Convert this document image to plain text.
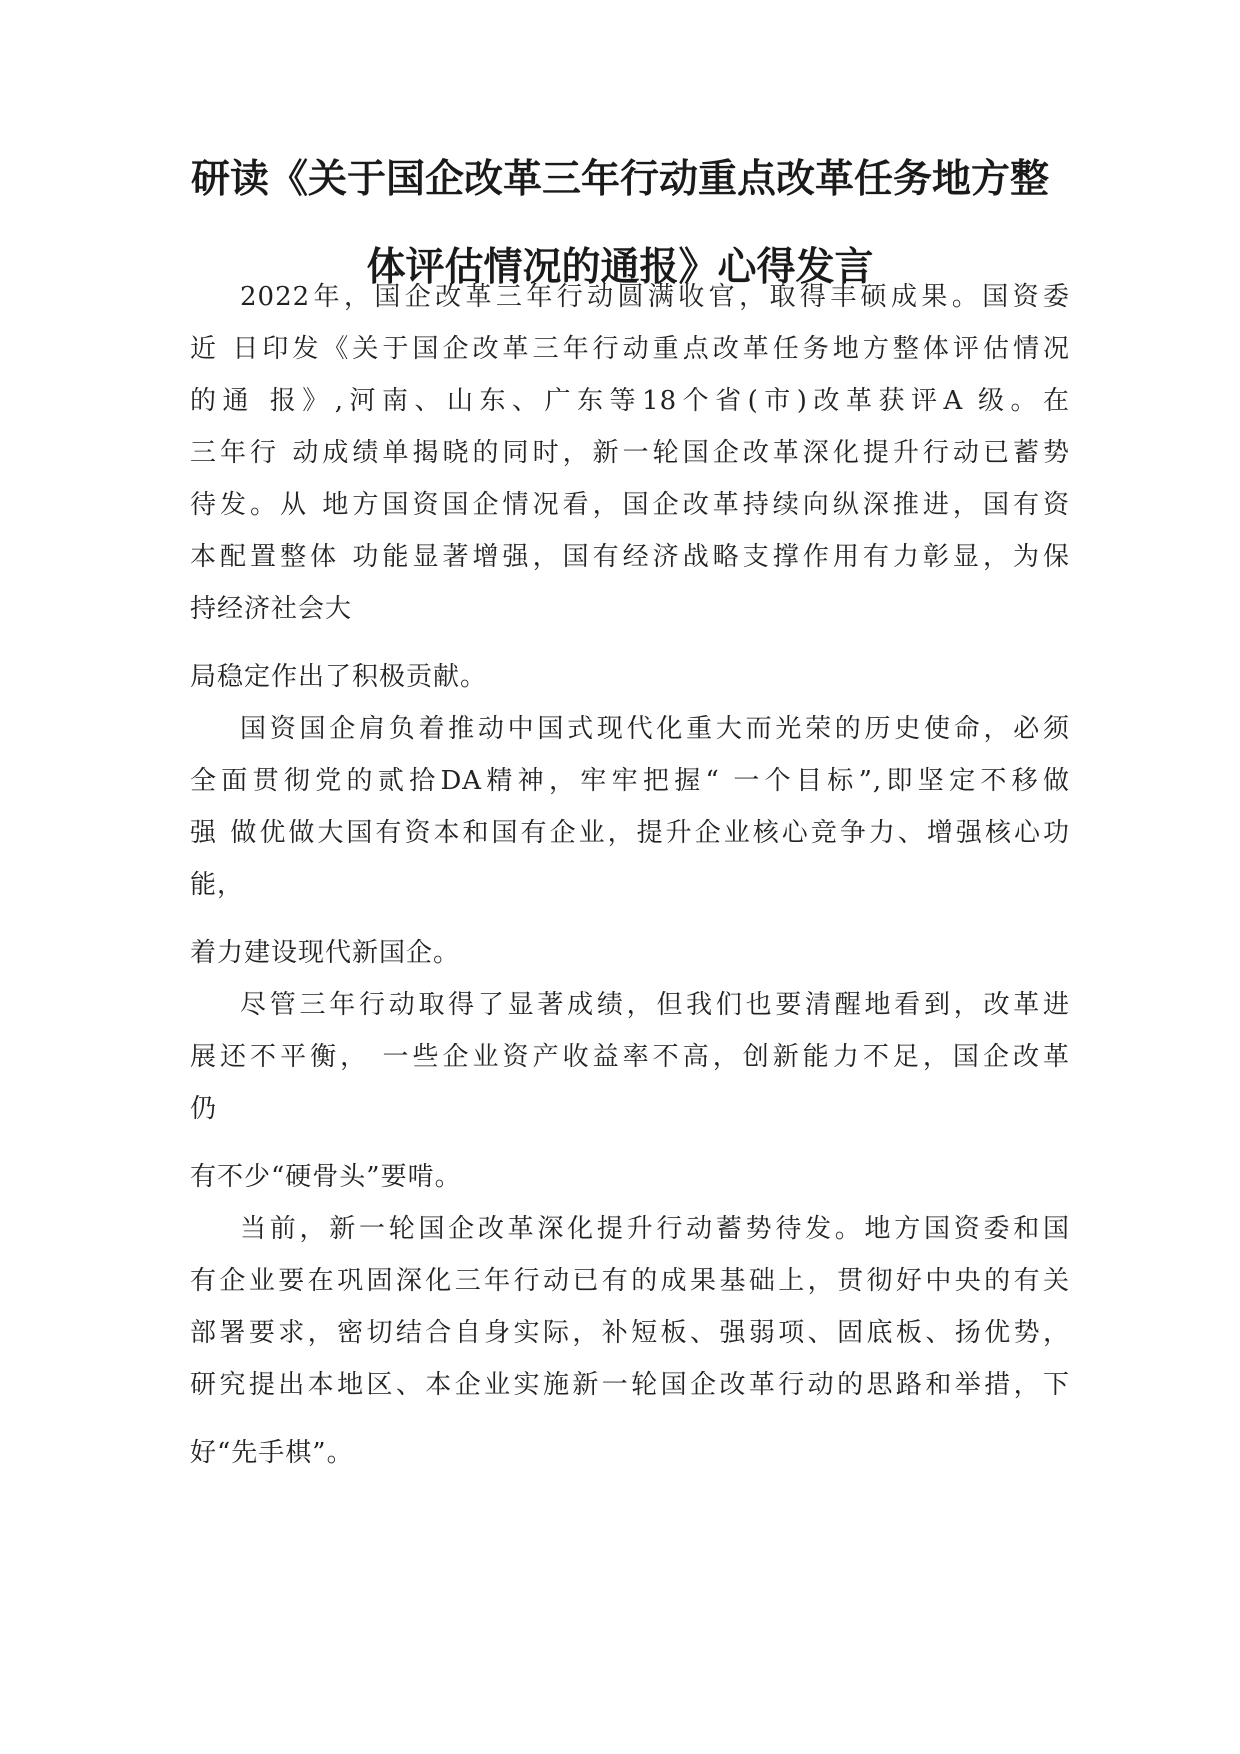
研读《关于国企改革三年行动重点改革任务地方整
体评估情况的通报》心得发言

2022年，国企改革三年行动圆满收官，取得丰硕成果。国资委

近 日印发《关于国企改革三年行动重点改革任务地方整体评估情况

的通 报》,河南、山东、广东等18个省(市)改革获评A 级。在

三年行 动成绩单揭晓的同时，新一轮国企改革深化提升行动已蓄势

待发。从 地方国资国企情况看，国企改革持续向纵深推进，国有资

本配置整体 功能显著增强，国有经济战略支撑作用有力彰显，为保

持经济社会大

局稳定作出了积极贡献。

国资国企肩负着推动中国式现代化重大而光荣的历史使命，必须

全面贯彻党的贰拾DA精神，牢牢把握“ 一个目标”,即坚定不移做

强 做优做大国有资本和国有企业，提升企业核心竞争力、增强核心功

能，

着力建设现代新国企。

尽管三年行动取得了显著成绩，但我们也要清醒地看到，改革进

展还不平衡， 一些企业资产收益率不高，创新能力不足，国企改革

仍

有不少“硬骨头”要啃。

当前，新一轮国企改革深化提升行动蓄势待发。地方国资委和国

有企业要在巩固深化三年行动已有的成果基础上，贯彻好中央的有关

部署要求，密切结合自身实际，补短板、强弱项、固底板、扬优势，

研究提出本地区、本企业实施新一轮国企改革行动的思路和举措，下

好“先手棋”。
